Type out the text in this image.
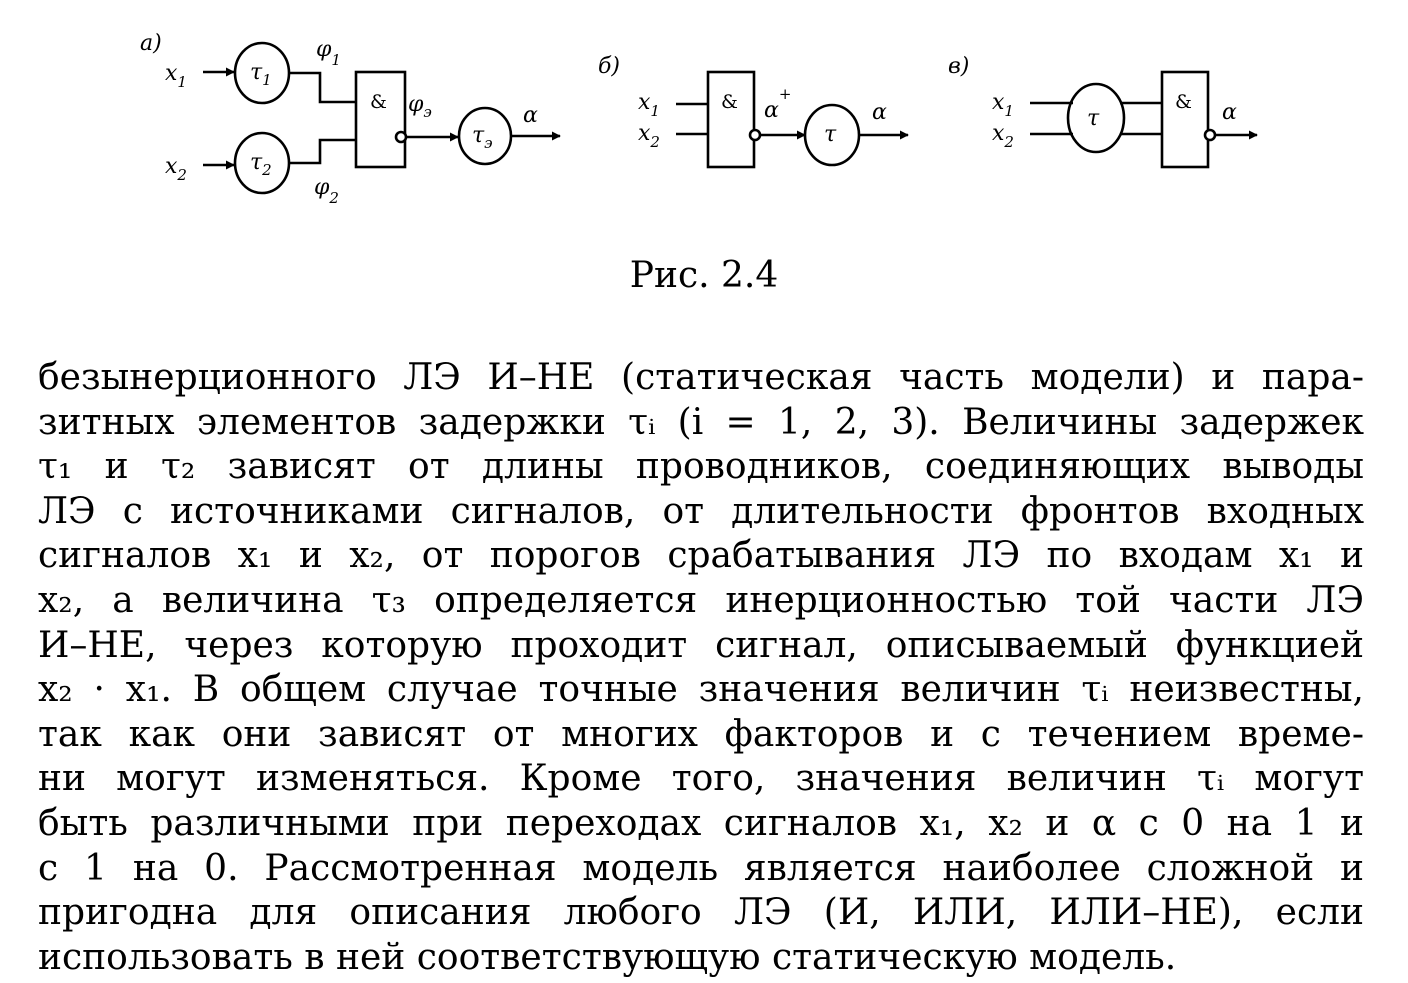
а)
$x_1$	$\tau_1$
$\varphi_1$
$x_2$	$\tau_2$
$\varphi_2$
& $\varphi_э$
$\tau_э$
α
б)
$x_1$
$x_2$
& α+
τ
α
в)
$x_1$
$x_2$
τ
& α
Рис. 2.4
безынерционного ЛЭ И–НЕ (статическая часть модели) и пара-
зитных элементов задержки τᵢ (i = 1, 2, 3). Величины задержек
τ₁ и τ₂ зависят от длины проводников, соединяющих выводы
ЛЭ с источниками сигналов, от длительности фронтов входных
сигналов x₁ и x₂, от порогов срабатывания ЛЭ по входам x₁ и
x₂, а величина τ₃ определяется инерционностью той части ЛЭ
И–НЕ, через которую проходит сигнал, описываемый функцией
x₂ · x₁. В общем случае точные значения величин τᵢ неизвестны,
так как они зависят от многих факторов и с течением време-
ни могут изменяться. Кроме того, значения величин τᵢ могут
быть различными при переходах сигналов x₁, x₂ и α с 0 на 1 и
с 1 на 0. Рассмотренная модель является наиболее сложной и
пригодна для описания любого ЛЭ (И, ИЛИ, ИЛИ–НЕ), если
использовать в ней соответствующую статическую модель.
